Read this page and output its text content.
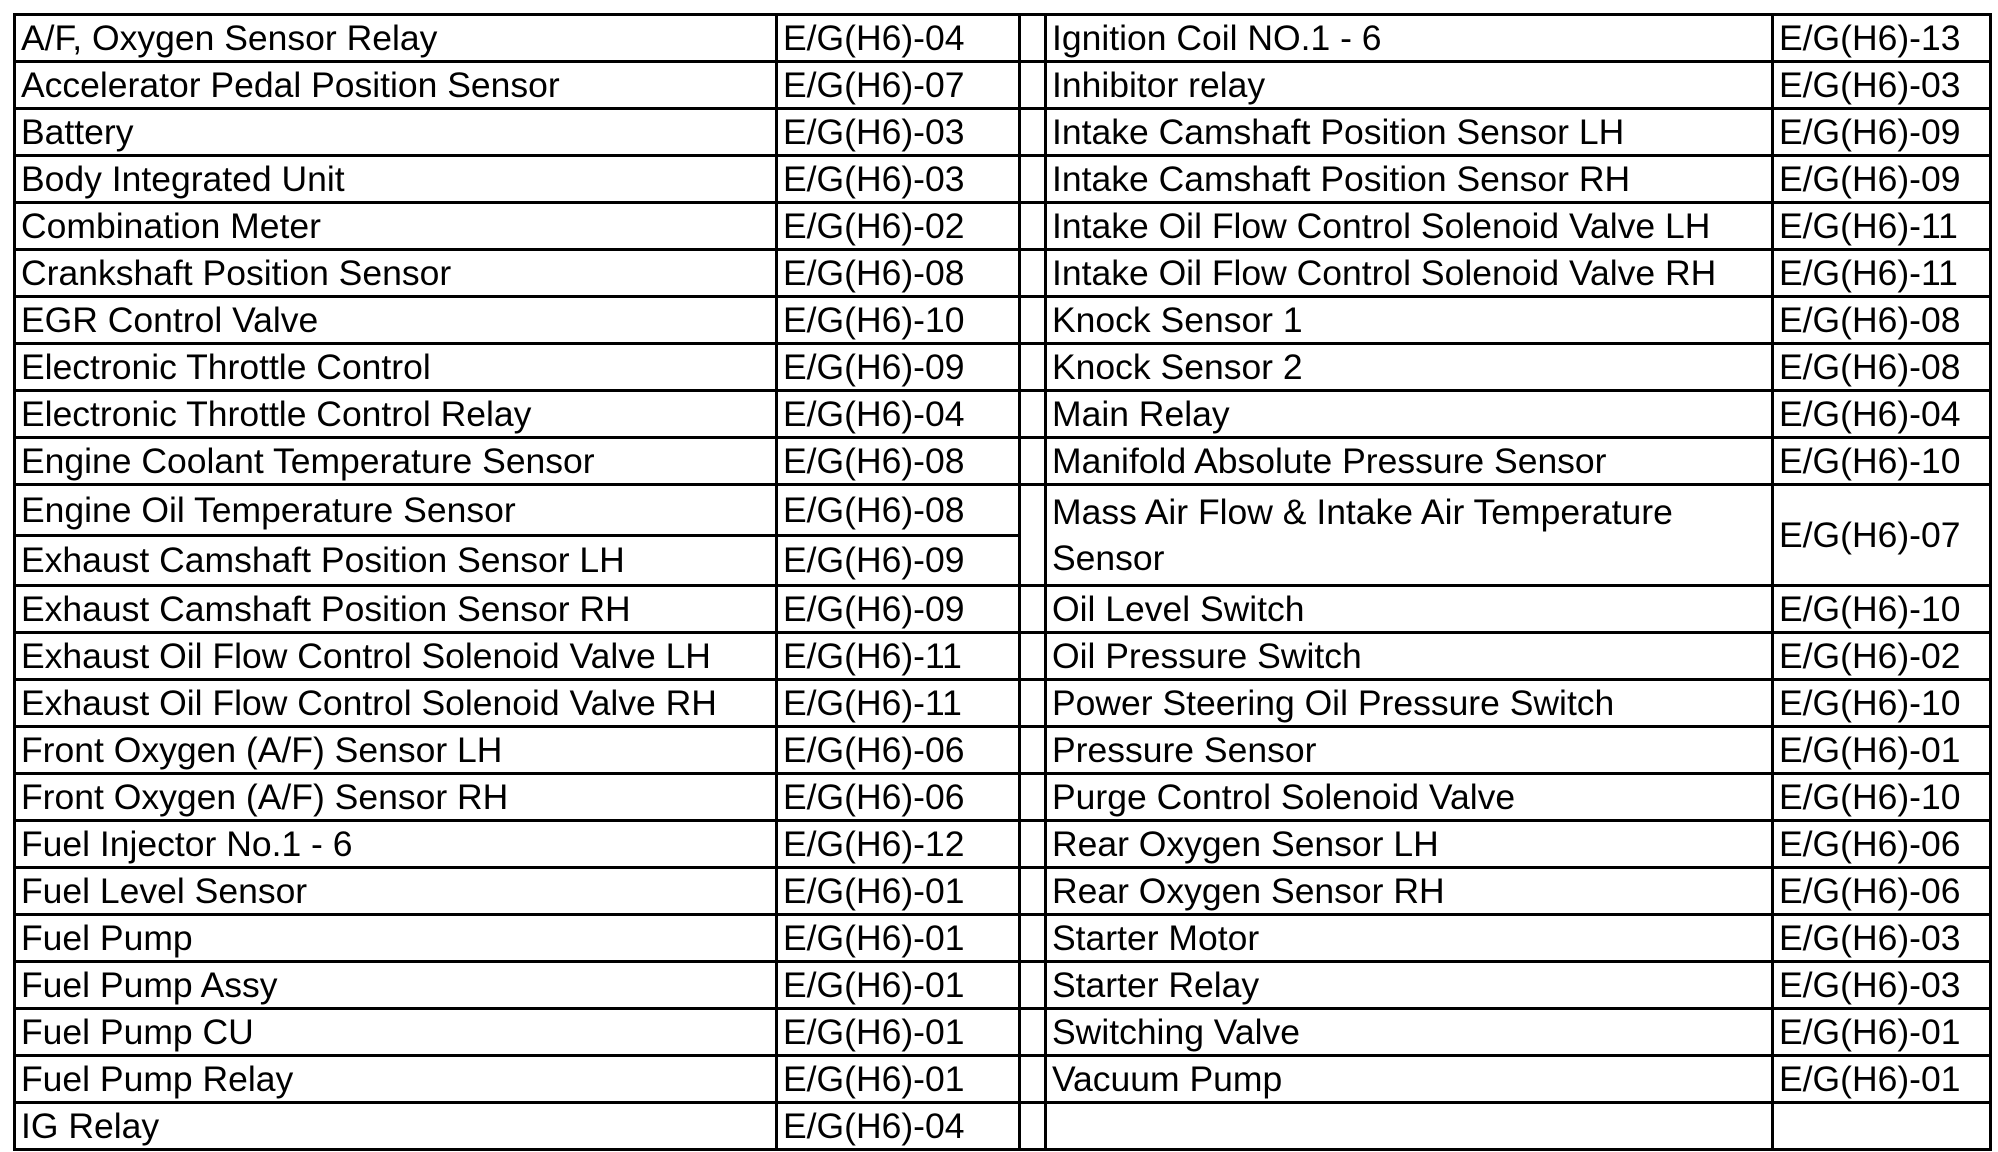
A/F, Oxygen Sensor Relay	E/G(H6)-04		Ignition Coil NO.1 - 6	E/G(H6)-13
Accelerator Pedal Position Sensor	E/G(H6)-07		Inhibitor relay	E/G(H6)-03
Battery	E/G(H6)-03		Intake Camshaft Position Sensor LH	E/G(H6)-09
Body Integrated Unit	E/G(H6)-03		Intake Camshaft Position Sensor RH	E/G(H6)-09
Combination Meter	E/G(H6)-02		Intake Oil Flow Control Solenoid Valve LH	E/G(H6)-11
Crankshaft Position Sensor	E/G(H6)-08		Intake Oil Flow Control Solenoid Valve RH	E/G(H6)-11
EGR Control Valve	E/G(H6)-10		Knock Sensor 1	E/G(H6)-08
Electronic Throttle Control	E/G(H6)-09		Knock Sensor 2	E/G(H6)-08
Electronic Throttle Control Relay	E/G(H6)-04		Main Relay	E/G(H6)-04
Engine Coolant Temperature Sensor	E/G(H6)-08		Manifold Absolute Pressure Sensor	E/G(H6)-10
Engine Oil Temperature Sensor	E/G(H6)-08		Mass Air Flow & Intake Air Temperature Sensor	E/G(H6)-07
Exhaust Camshaft Position Sensor LH	E/G(H6)-09			
Exhaust Camshaft Position Sensor RH	E/G(H6)-09		Oil Level Switch	E/G(H6)-10
Exhaust Oil Flow Control Solenoid Valve LH	E/G(H6)-11		Oil Pressure Switch	E/G(H6)-02
Exhaust Oil Flow Control Solenoid Valve RH	E/G(H6)-11		Power Steering Oil Pressure Switch	E/G(H6)-10
Front Oxygen (A/F) Sensor LH	E/G(H6)-06		Pressure Sensor	E/G(H6)-01
Front Oxygen (A/F) Sensor RH	E/G(H6)-06		Purge Control Solenoid Valve	E/G(H6)-10
Fuel Injector No.1 - 6	E/G(H6)-12		Rear Oxygen Sensor LH	E/G(H6)-06
Fuel Level Sensor	E/G(H6)-01		Rear Oxygen Sensor RH	E/G(H6)-06
Fuel Pump	E/G(H6)-01		Starter Motor	E/G(H6)-03
Fuel Pump Assy	E/G(H6)-01		Starter Relay	E/G(H6)-03
Fuel Pump CU	E/G(H6)-01		Switching Valve	E/G(H6)-01
Fuel Pump Relay	E/G(H6)-01		Vacuum Pump	E/G(H6)-01
IG Relay	E/G(H6)-04			
